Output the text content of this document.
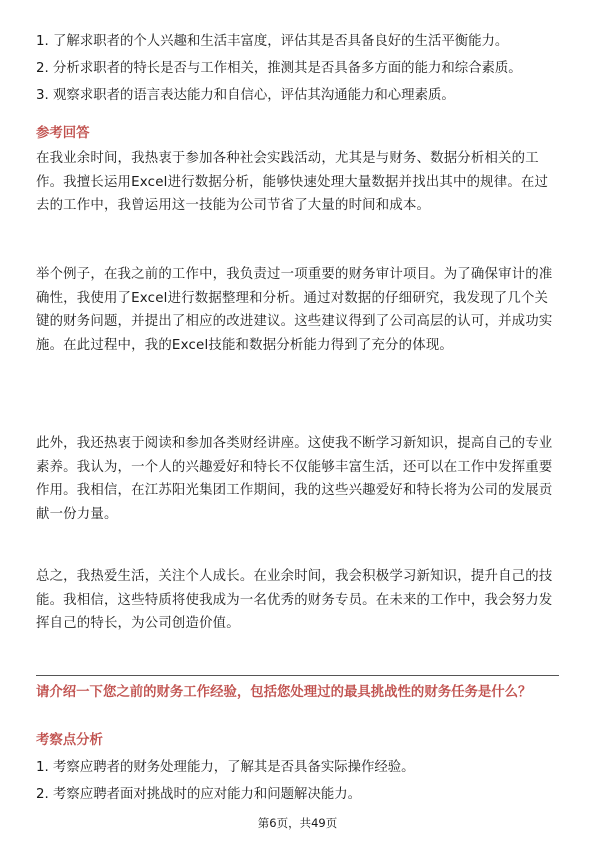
1. 了解求职者的个人兴趣和生活丰富度，评估其是否具备良好的生活平衡能力。

2. 分析求职者的特长是否与工作相关，推测其是否具备多方面的能力和综合素质。

3. 观察求职者的语言表达能力和自信心，评估其沟通能力和心理素质。

参考回答

在我业余时间，我热衷于参加各种社会实践活动，尤其是与财务、数据分析相关的工作。我擅长运用Excel进行数据分析，能够快速处理大量数据并找出其中的规律。在过去的工作中，我曾运用这一技能为公司节省了大量的时间和成本。

举个例子，在我之前的工作中，我负责过一项重要的财务审计项目。为了确保审计的准确性，我使用了Excel进行数据整理和分析。通过对数据的仔细研究，我发现了几个关键的财务问题，并提出了相应的改进建议。这些建议得到了公司高层的认可，并成功实施。在此过程中，我的Excel技能和数据分析能力得到了充分的体现。

此外，我还热衷于阅读和参加各类财经讲座。这使我不断学习新知识，提高自己的专业素养。我认为，一个人的兴趣爱好和特长不仅能够丰富生活，还可以在工作中发挥重要作用。我相信，在江苏阳光集团工作期间，我的这些兴趣爱好和特长将为公司的发展贡献一份力量。

总之，我热爱生活，关注个人成长。在业余时间，我会积极学习新知识，提升自己的技能。我相信，这些特质将使我成为一名优秀的财务专员。在未来的工作中，我会努力发挥自己的特长，为公司创造价值。

请介绍一下您之前的财务工作经验，包括您处理过的最具挑战性的财务任务是什么？

考察点分析

1. 考察应聘者的财务处理能力，了解其是否具备实际操作经验。

2. 考察应聘者面对挑战时的应对能力和问题解决能力。

第6页，共49页
